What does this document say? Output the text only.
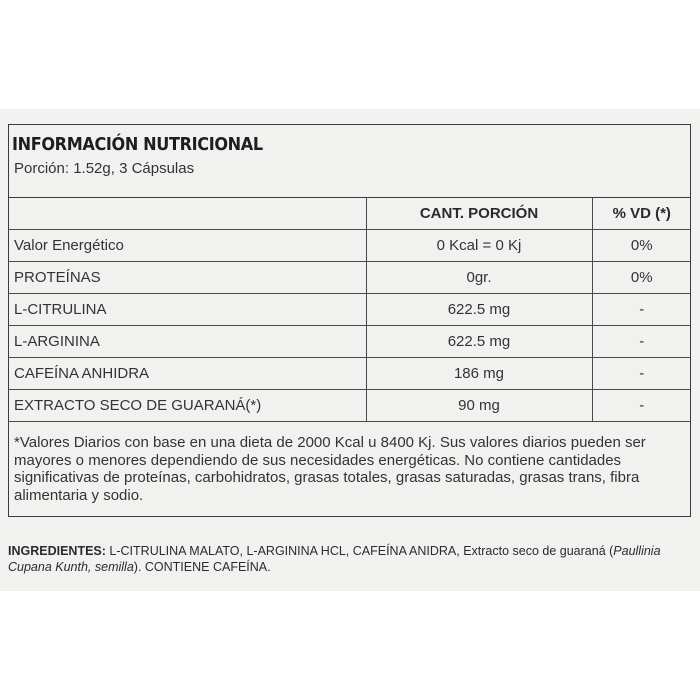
INFORMACIÓN NUTRICIONAL
Porción: 1.52g, 3 Cápsulas
	CANT. PORCIÓN	% VD (*)
Valor Energético	0 Kcal = 0 Kj	0%
PROTEÍNAS	0gr.	0%
L-CITRULINA	622.5 mg	-
L-ARGININA	622.5 mg	-
CAFEÍNA ANHIDRA	186 mg	-
EXTRACTO SECO DE GUARANÁ(*)	90 mg	-
*Valores Diarios con base en una dieta de 2000 Kcal u 8400 Kj. Sus valores diarios pueden ser mayores o menores dependiendo de sus necesidades energéticas. No contiene cantidades significativas de proteínas, carbohidratos, grasas totales, grasas saturadas, grasas trans, fibra alimentaria y sodio.
INGREDIENTES: L-CITRULINA MALATO, L-ARGININA HCL, CAFEÍNA ANIDRA, Extracto seco de guaraná (Paullinia Cupana Kunth, semilla). CONTIENE CAFEÍNA.
